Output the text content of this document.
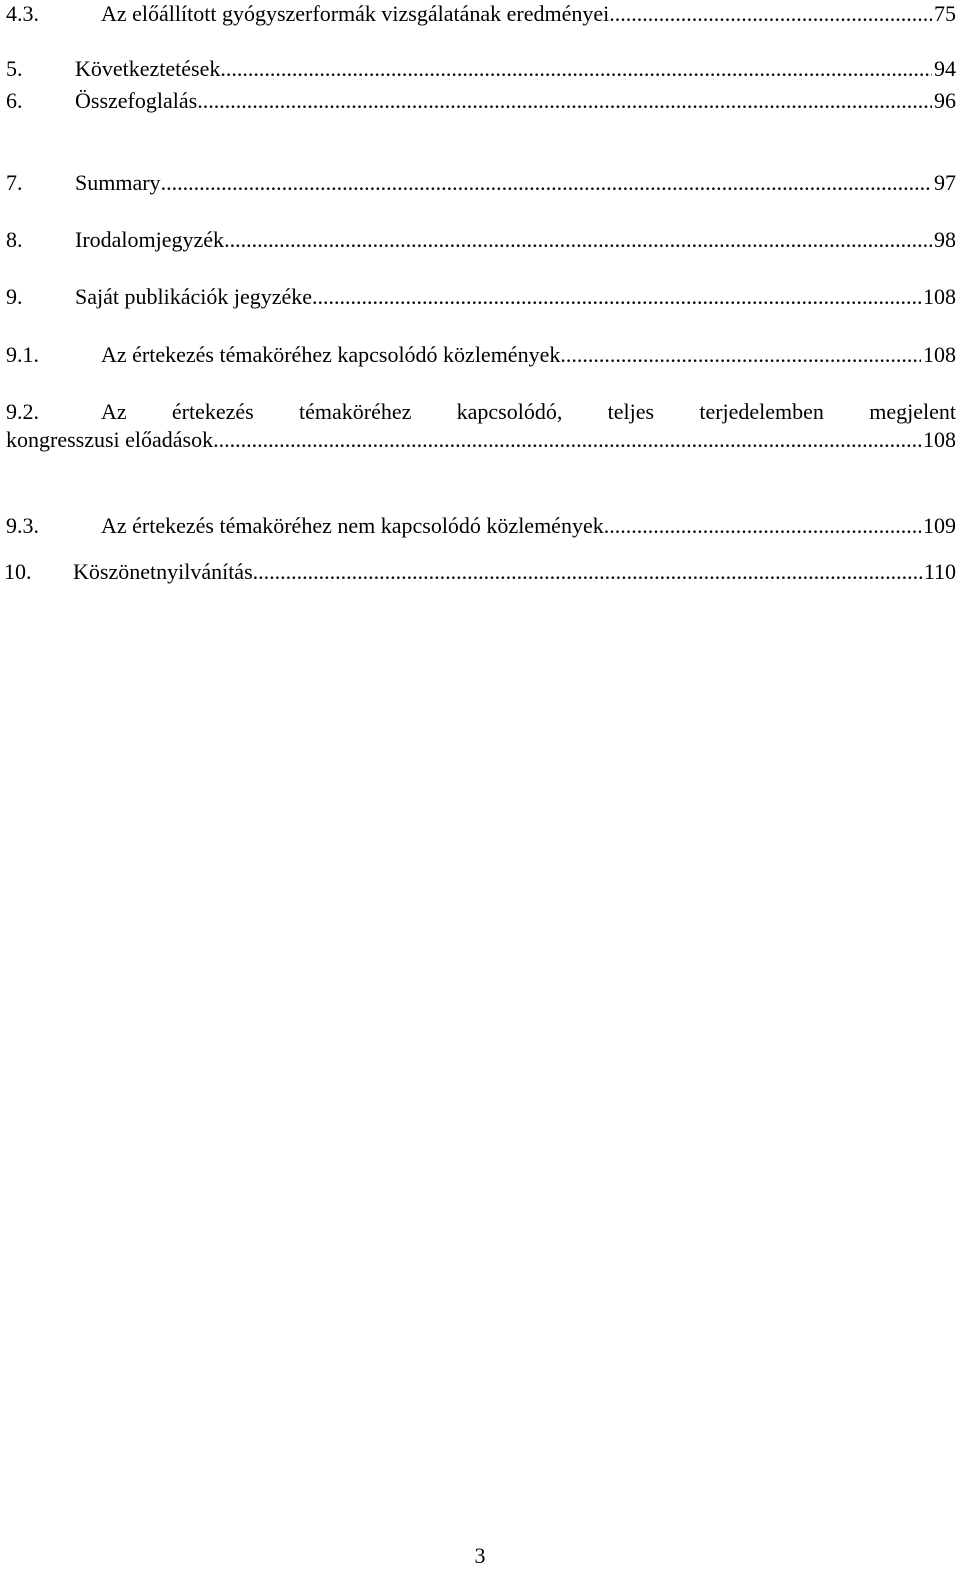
4.3.	Az előállított gyógyszerformák vizsgálatának eredményei .....	75
5.	Következtetések .....	94
6.	Összefoglalás .....	96
7.	Summary .....	97
8.	Irodalomjegyzék .....	98
9.	Saját publikációk jegyzéke .....	108
9.1.	Az értekezés témaköréhez kapcsolódó közlemények .....	108
9.2.	Az értekezés témaköréhez kapcsolódó, teljes terjedelemben megjelent
kongresszusi előadások .....	108
9.3.	Az értekezés témaköréhez nem kapcsolódó közlemények .....	109
10.	Köszönetnyilvánítás .....	110
3
